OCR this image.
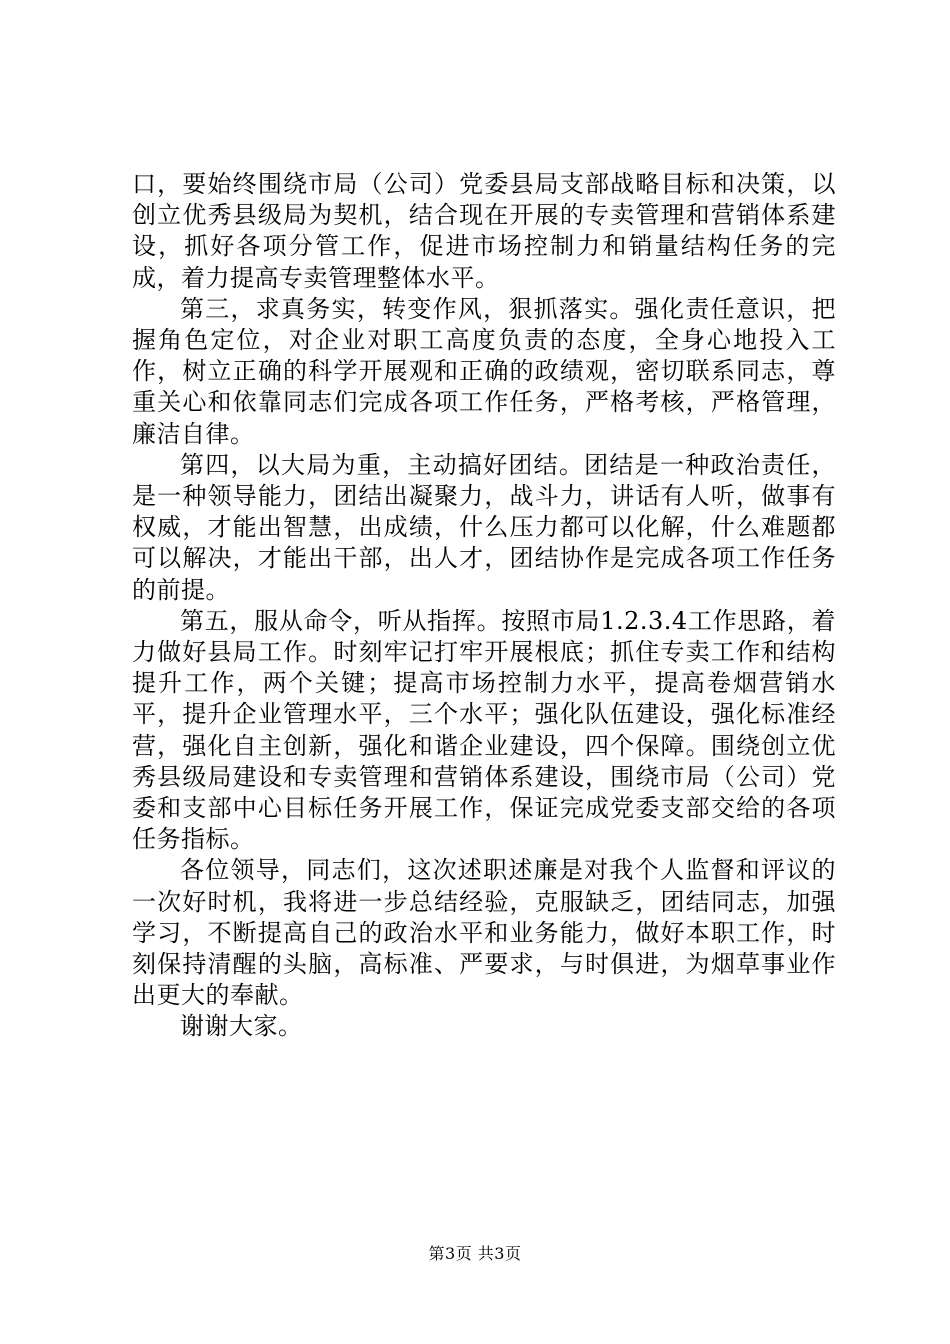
口，要始终围绕市局（公司）党委县局支部战略目标和决策，以创立优秀县级局为契机，结合现在开展的专卖管理和营销体系建设，抓好各项分管工作，促进市场控制力和销量结构任务的完成，着力提高专卖管理整体水平。

第三，求真务实，转变作风，狠抓落实。强化责任意识，把握角色定位，对企业对职工高度负责的态度，全身心地投入工作，树立正确的科学开展观和正确的政绩观，密切联系同志，尊重关心和依靠同志们完成各项工作任务，严格考核，严格管理，廉洁自律。

第四，以大局为重，主动搞好团结。团结是一种政治责任，是一种领导能力，团结出凝聚力，战斗力，讲话有人听，做事有权威，才能出智慧，出成绩，什么压力都可以化解，什么难题都可以解决，才能出干部，出人才，团结协作是完成各项工作任务的前提。

第五，服从命令，听从指挥。按照市局1.2.3.4工作思路，着力做好县局工作。时刻牢记打牢开展根底；抓住专卖工作和结构提升工作，两个关键；提高市场控制力水平，提高卷烟营销水平，提升企业管理水平，三个水平；强化队伍建设，强化标准经营，强化自主创新，强化和谐企业建设，四个保障。围绕创立优秀县级局建设和专卖管理和营销体系建设，围绕市局（公司）党委和支部中心目标任务开展工作，保证完成党委支部交给的各项任务指标。

各位领导，同志们，这次述职述廉是对我个人监督和评议的一次好时机，我将进一步总结经验，克服缺乏，团结同志，加强学习，不断提高自己的政治水平和业务能力，做好本职工作，时刻保持清醒的头脑，高标准、严要求，与时俱进，为烟草事业作出更大的奉献。

谢谢大家。

第3页 共3页
